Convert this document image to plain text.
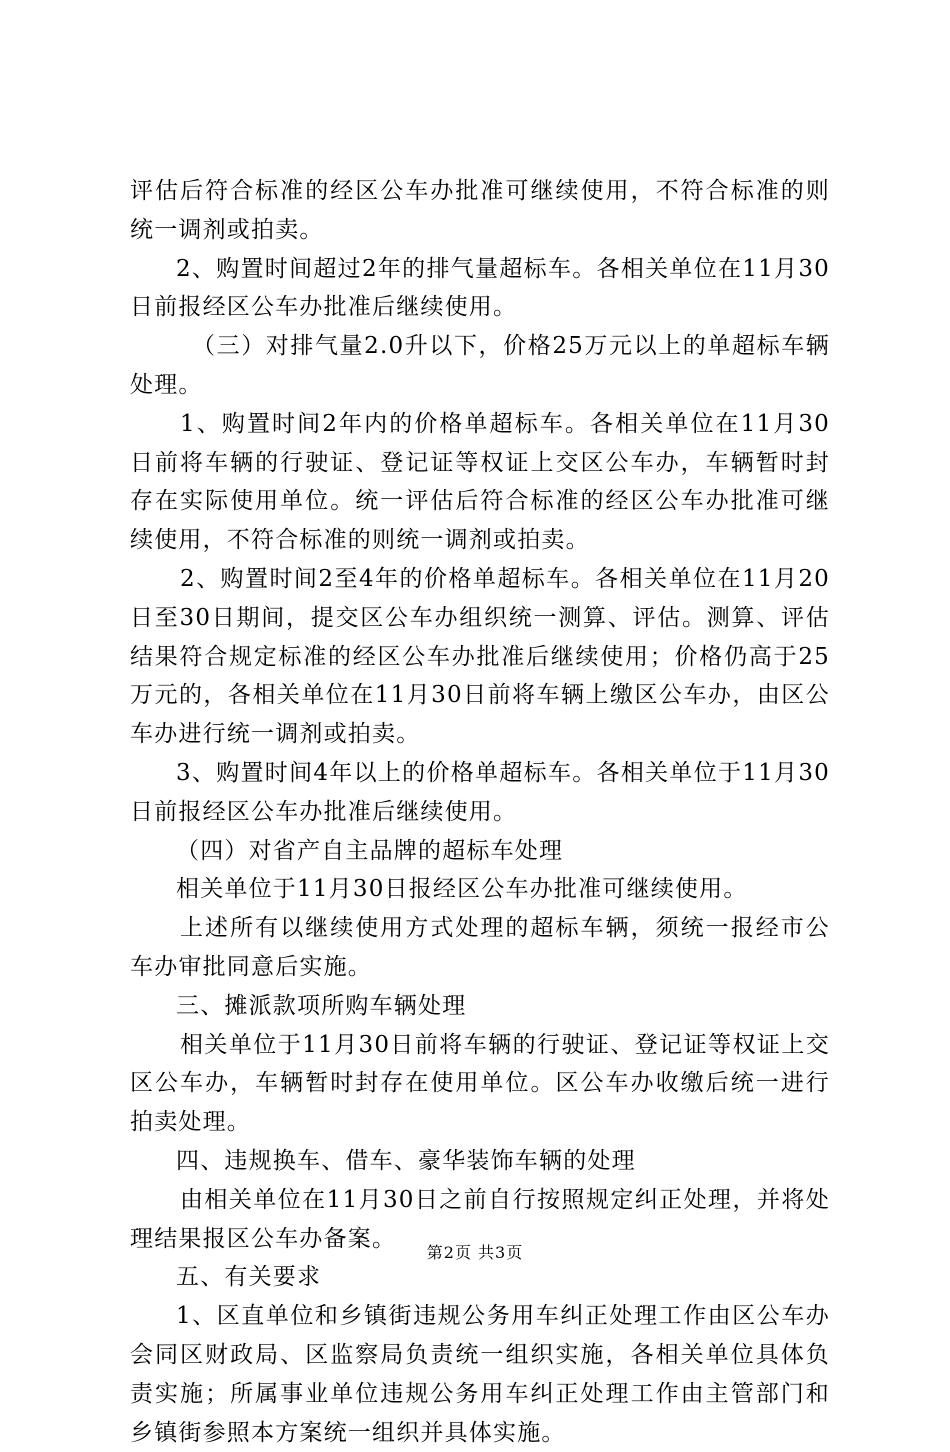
评估后符合标准的经区公车办批准可继续使用，不符合标准的则统一调剂或拍卖。

2、购置时间超过2年的排气量超标车。各相关单位在11月30日前报经区公车办批准后继续使用。

（三）对排气量2.0升以下，价格25万元以上的单超标车辆处理。

1、购置时间2年内的价格单超标车。各相关单位在11月30日前将车辆的行驶证、登记证等权证上交区公车办，车辆暂时封存在实际使用单位。统一评估后符合标准的经区公车办批准可继续使用，不符合标准的则统一调剂或拍卖。

2、购置时间2至4年的价格单超标车。各相关单位在11月20日至30日期间，提交区公车办组织统一测算、评估。测算、评估结果符合规定标准的经区公车办批准后继续使用；价格仍高于25万元的，各相关单位在11月30日前将车辆上缴区公车办，由区公车办进行统一调剂或拍卖。

3、购置时间4年以上的价格单超标车。各相关单位于11月30日前报经区公车办批准后继续使用。

（四）对省产自主品牌的超标车处理

相关单位于11月30日报经区公车办批准可继续使用。

上述所有以继续使用方式处理的超标车辆，须统一报经市公车办审批同意后实施。

三、摊派款项所购车辆处理

相关单位于11月30日前将车辆的行驶证、登记证等权证上交区公车办，车辆暂时封存在使用单位。区公车办收缴后统一进行拍卖处理。

四、违规换车、借车、豪华装饰车辆的处理

由相关单位在11月30日之前自行按照规定纠正处理，并将处理结果报区公车办备案。

五、有关要求

1、区直单位和乡镇街违规公务用车纠正处理工作由区公车办会同区财政局、区监察局负责统一组织实施，各相关单位具体负责实施；所属事业单位违规公务用车纠正处理工作由主管部门和乡镇街参照本方案统一组织并具体实施。

第2页 共3页
